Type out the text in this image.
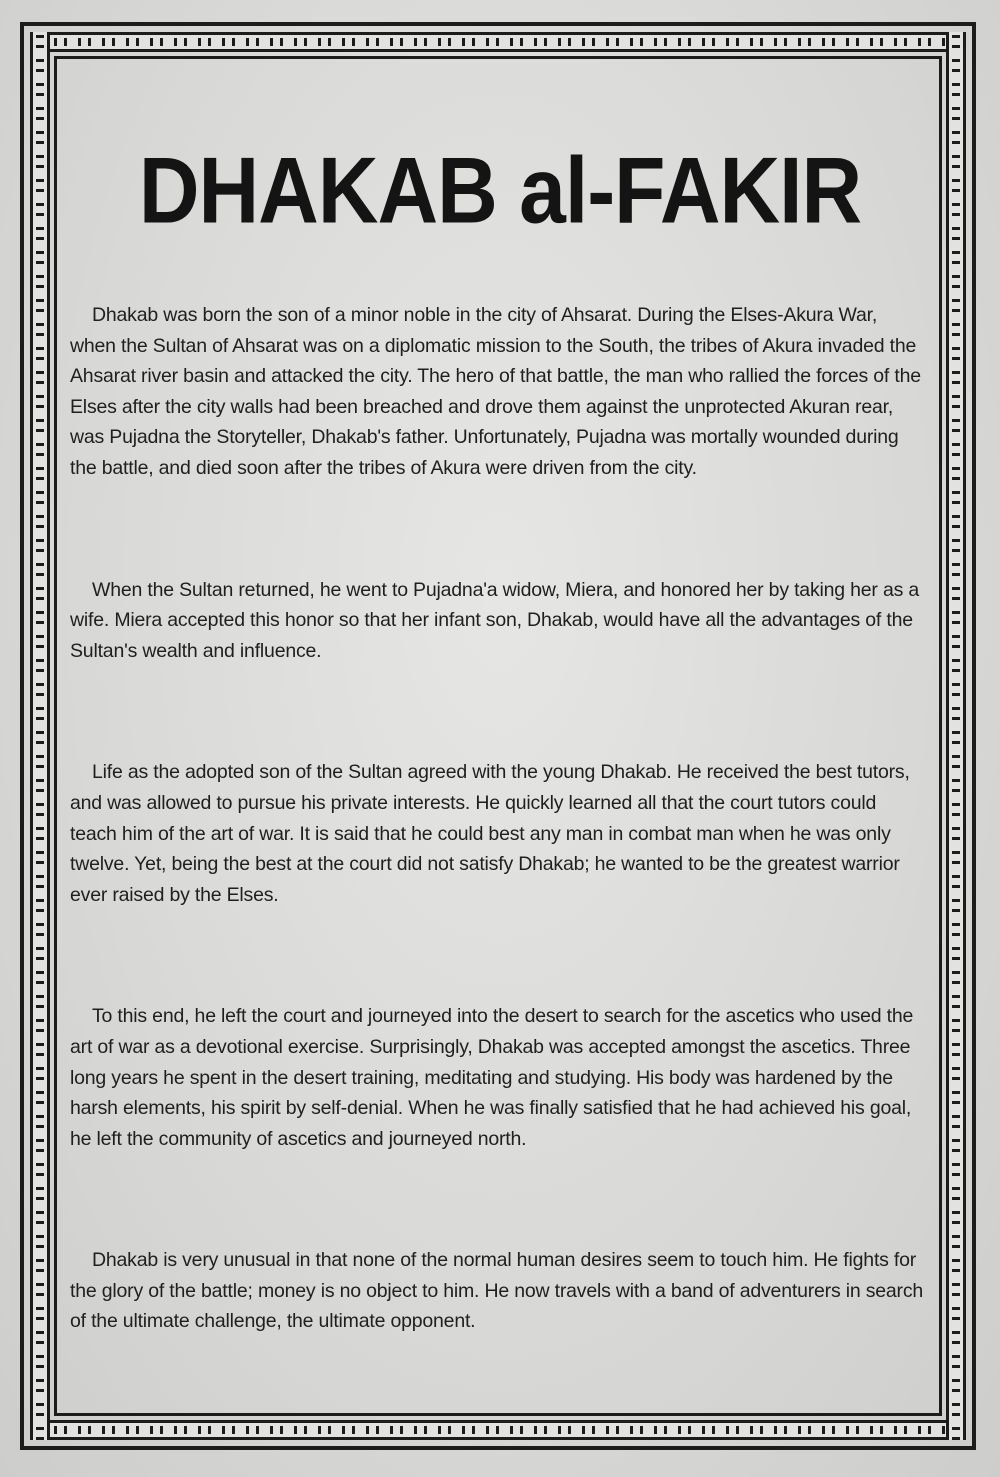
DHAKAB al-FAKIR

Dhakab was born the son of a minor noble in the city of Ahsarat. During the Elses-Akura War, when the Sultan of Ahsarat was on a diplomatic mission to the South, the tribes of Akura invaded the Ahsarat river basin and attacked the city. The hero of that battle, the man who rallied the forces of the Elses after the city walls had been breached and drove them against the unprotected Akuran rear, was Pujadna the Storyteller, Dhakab's father. Unfortunately, Pujadna was mortally wounded during the battle, and died soon after the tribes of Akura were driven from the city.

When the Sultan returned, he went to Pujadna'a widow, Miera, and honored her by taking her as a wife. Miera accepted this honor so that her infant son, Dhakab, would have all the advantages of the Sultan's wealth and influence.

Life as the adopted son of the Sultan agreed with the young Dhakab. He received the best tutors, and was allowed to pursue his private interests. He quickly learned all that the court tutors could teach him of the art of war. It is said that he could best any man in combat man when he was only twelve. Yet, being the best at the court did not satisfy Dhakab; he wanted to be the greatest warrior ever raised by the Elses.

To this end, he left the court and journeyed into the desert to search for the ascetics who used the art of war as a devotional exercise. Surprisingly, Dhakab was accepted amongst the ascetics. Three long years he spent in the desert training, meditating and studying. His body was hardened by the harsh elements, his spirit by self-denial. When he was finally satisfied that he had achieved his goal, he left the community of ascetics and journeyed north.

Dhakab is very unusual in that none of the normal human desires seem to touch him. He fights for the glory of the battle; money is no object to him. He now travels with a band of adventurers in search of the ultimate challenge, the ultimate opponent.
